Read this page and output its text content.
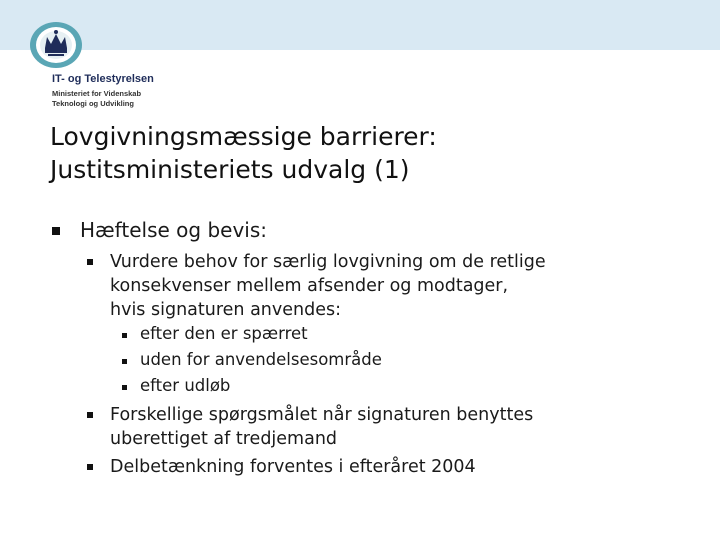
IT- og Telestyrelsen
Ministeriet for Videnskab
Teknologi og Udvikling
Lovgivningsmæssige barrierer:
Justitsministeriets udvalg (1)
Hæftelse og bevis:
Vurdere behov for særlig lovgivning om de retlige
konsekvenser mellem afsender og modtager,
hvis signaturen anvendes:
efter den er spærret
uden for anvendelsesområde
efter udløb
Forskellige spørgsmålet når signaturen benyttes
uberettiget af tredjemand
Delbetænkning forventes i efteråret 2004
